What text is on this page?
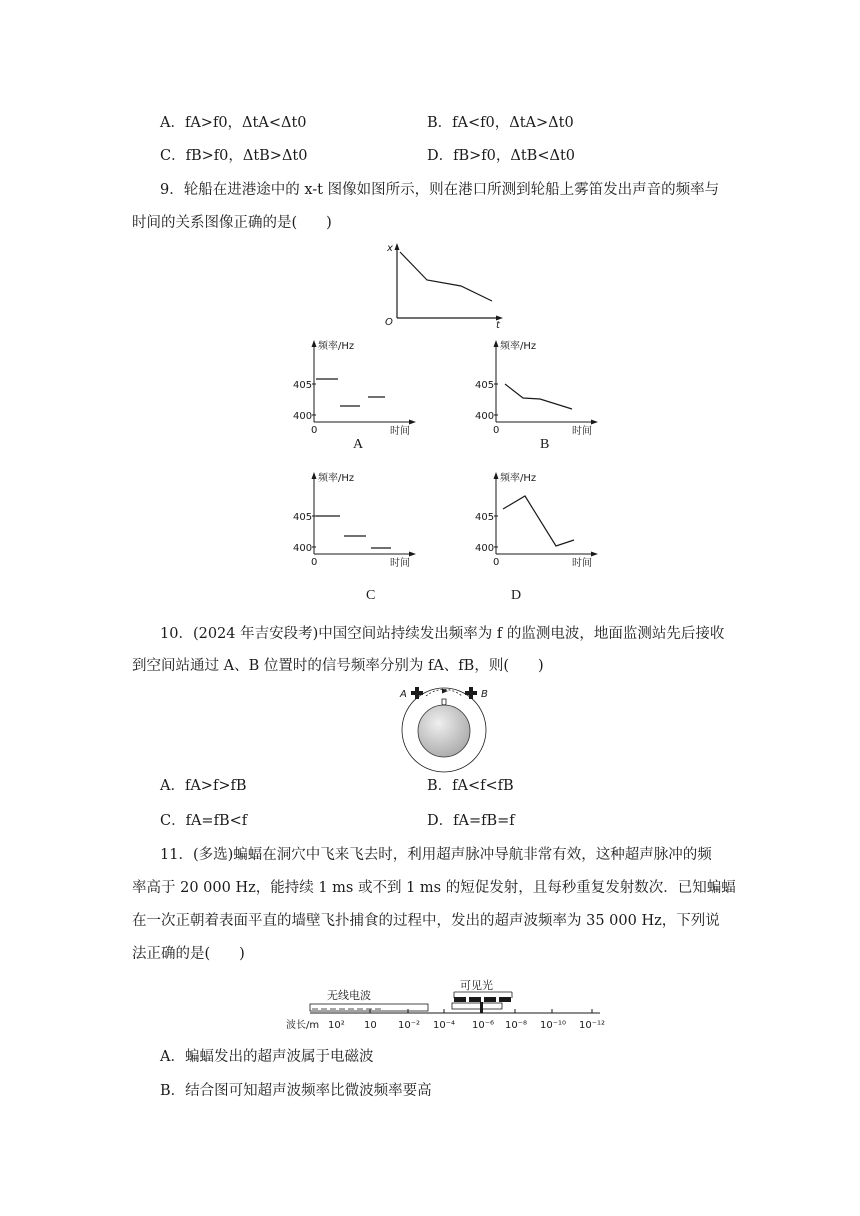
A．fA>f0，ΔtA<Δt0	B．fA<f0，ΔtA>Δt0
C．fB>f0，ΔtB>Δt0	D．fB>f0，ΔtB<Δt0
9．轮船在进港途中的 x-t 图像如图所示，则在港口所测到轮船上雾笛发出声音的频率与
时间的关系图像正确的是(　　)
x
O	t
频率/Hz
405
400
0	时间
A
频率/Hz
405
400
0	时间
B
频率/Hz
405
400
0	时间
C
频率/Hz
405
400
0	时间
D
10．(2024 年吉安段考)中国空间站持续发出频率为 f 的监测电波，地面监测站先后接收
到空间站通过 A、B 位置时的信号频率分别为 fA、fB，则(　　)
A	B
A．fA>f>fB	B．fA<f<fB
C．fA=fB<f	D．fA=fB=f
11．(多选)蝙蝠在洞穴中飞来飞去时，利用超声脉冲导航非常有效，这种超声脉冲的频
率高于 20 000 Hz，能持续 1 ms 或不到 1 ms 的短促发射，且每秒重复发射数次．已知蝙蝠
在一次正朝着表面平直的墙壁飞扑捕食的过程中，发出的超声波频率为 35 000 Hz，下列说
法正确的是(　　)
无线电波
可见光
波长/m 10² 10 10⁻² 10⁻⁴ 10⁻⁶ 10⁻⁸ 10⁻¹⁰ 10⁻¹²
A．蝙蝠发出的超声波属于电磁波
B．结合图可知超声波频率比微波频率要高
